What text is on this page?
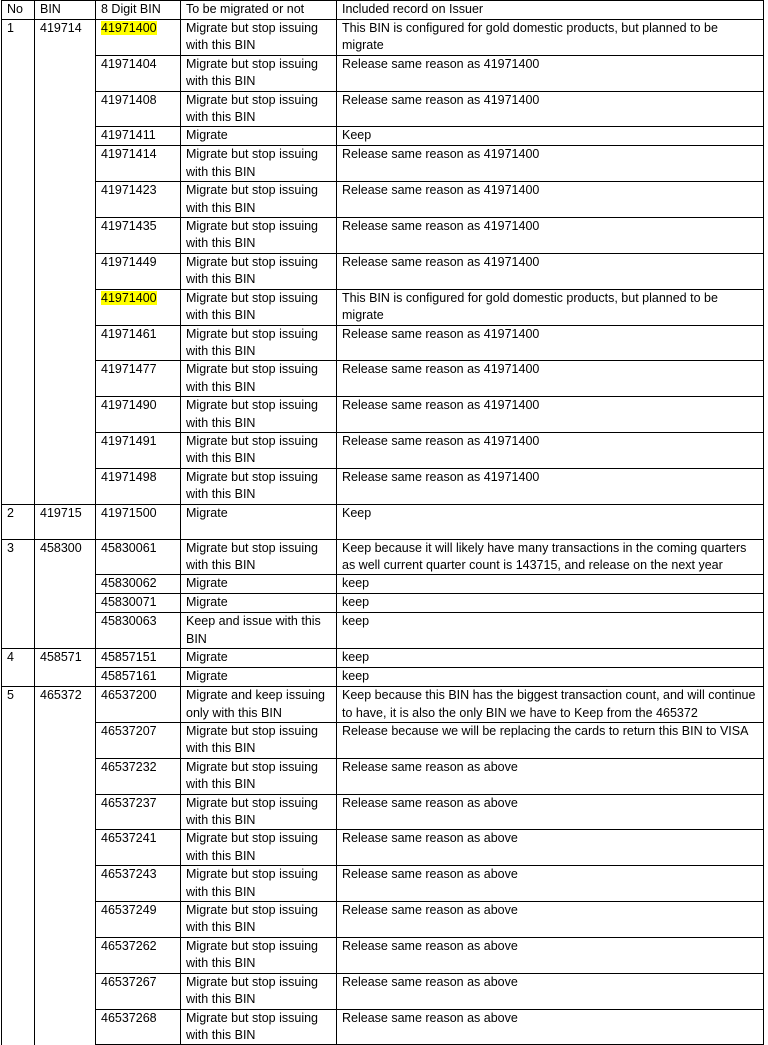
No	BIN	8 Digit BIN	To be migrated or not	Included record on Issuer
1	419714	41971400	Migrate but stop issuing with this BIN	This BIN is configured for gold domestic products, but planned to be migrate
		41971404	Migrate but stop issuing with this BIN	Release same reason as 41971400
		41971408	Migrate but stop issuing with this BIN	Release same reason as 41971400
		41971411	Migrate	Keep
		41971414	Migrate but stop issuing with this BIN	Release same reason as 41971400
		41971423	Migrate but stop issuing with this BIN	Release same reason as 41971400
		41971435	Migrate but stop issuing with this BIN	Release same reason as 41971400
		41971449	Migrate but stop issuing with this BIN	Release same reason as 41971400
		41971400	Migrate but stop issuing with this BIN	This BIN is configured for gold domestic products, but planned to be migrate
		41971461	Migrate but stop issuing with this BIN	Release same reason as 41971400
		41971477	Migrate but stop issuing with this BIN	Release same reason as 41971400
		41971490	Migrate but stop issuing with this BIN	Release same reason as 41971400
		41971491	Migrate but stop issuing with this BIN	Release same reason as 41971400
		41971498	Migrate but stop issuing with this BIN	Release same reason as 41971400
2	419715	41971500	Migrate	Keep
3	458300	45830061	Migrate but stop issuing with this BIN	Keep because it will likely have many transactions in the coming quarters as well current quarter count is 143715, and release on the next year
		45830062	Migrate	keep
		45830071	Migrate	keep
		45830063	Keep and issue with this BIN	keep
4	458571	45857151	Migrate	keep
		45857161	Migrate	keep
5	465372	46537200	Migrate and keep issuing only with this BIN	Keep because this BIN has the biggest transaction count, and will continue to have, it is also the only BIN we have to Keep from the 465372
		46537207	Migrate but stop issuing with this BIN	Release because we will be replacing the cards to return this BIN to VISA
		46537232	Migrate but stop issuing with this BIN	Release same reason as above
		46537237	Migrate but stop issuing with this BIN	Release same reason as above
		46537241	Migrate but stop issuing with this BIN	Release same reason as above
		46537243	Migrate but stop issuing with this BIN	Release same reason as above
		46537249	Migrate but stop issuing with this BIN	Release same reason as above
		46537262	Migrate but stop issuing with this BIN	Release same reason as above
		46537267	Migrate but stop issuing with this BIN	Release same reason as above
		46537268	Migrate but stop issuing with this BIN	Release same reason as above
